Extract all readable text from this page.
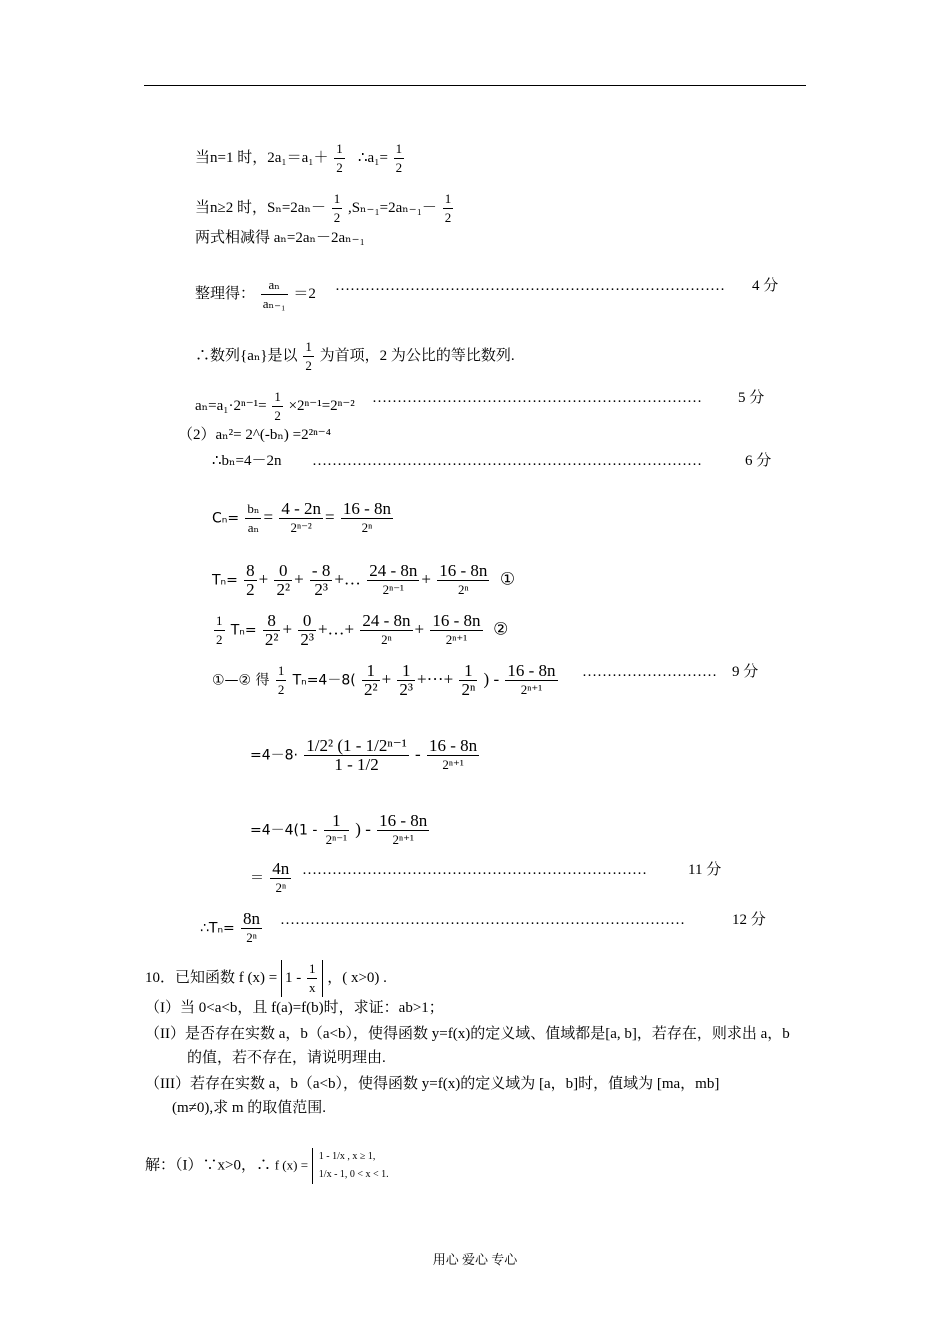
当n=1 时，$2a_1=a_1+ \frac{1}{2}$ ∴a₁= $\frac{1}{2}$
当n≥2 时，$S_n=2a_n- \frac{1}{2} ,S_{n-1}=2a_{n-1}- \frac{1}{2}$
两式相减得 aₙ=2aₙ－2aₙ₋₁
整理得： $\frac{\text{aₙ}}{\text{aₙ₋₁}} =2$ …………………………………………………………………… 4 分
∴数列{aₙ}是以 $\frac{1}{2}$ 为首项，2 为公比的等比数列.
$a_n=a_1\cdot 2^{n-1}= \frac{1}{2} \times 2^{n-1}=2^{n-2}$ ………………………………………………………… 5 分
（2）aₙ²= 2^(-bₙ) =2²ⁿ⁻⁴
∴bₙ=4－2n ……………………………………………………………………	6 分
$C_n= \frac{\text{bₙ}}{\text{aₙ}} = 4 - 2n$
2ⁿ⁻²
= 16 - 8n
2ⁿ
$T_n= \frac{8}{2} + \frac{0}{\text{2²}} + \frac{- 8}{\text{2³}}$ +… 24 - 8n
2ⁿ⁻¹
+ 16 - 8n
2ⁿ
①
$\frac{1}{2} T_n= \frac{8}{\text{2²}} + \frac{0}{\text{2³}}$ +…+ 24 - 8n
2ⁿ
+ 16 - 8n
2ⁿ⁺¹
②
①—② 得 $\frac{1}{2} T_n=4-8( \frac{1}{\text{2²}} + \frac{1}{\text{2³}}$ +···+ $\frac{1}{\text{2ⁿ}}$ ) - 16 - 8n
2ⁿ⁺¹
……………………… 9 分
$=4-8\cdot \frac{\text{1/2² (1 - 1/2ⁿ⁻¹}}{1 - 1/2} - 16 - 8n$
2ⁿ⁺¹
=4－4(1 -
1
2ⁿ⁻¹
) - 16 - 8n
2ⁿ⁺¹
＝
4n
2ⁿ
……………………………………………………………	11 分
∴Tₙ=
8n
2ⁿ
………………………………………………………………………	12 分
10．已知函数 f $(x) = 1 - \frac{1}{x}$ ，( x>0) .
（I）当 0<a<b，且 f(a)=f(b)时，求证：ab>1；
（II）是否存在实数 a，b（a<b），使得函数 y=f(x)的定义域、值域都是[a, b]，若存在，则求出 a，b
的值，若不存在，请说明理由.
（III）若存在实数 a，b（a<b），使得函数 y=f(x)的定义域为 [a，b]时，值域为 [ma，mb]
(m≠0),求 m 的取值范围.
解：（I）∵x>0，∴ f (x) =
1 - 1/x , x ≥ 1,
1/x - 1, 0 < x < 1.
用心 爱心 专心
